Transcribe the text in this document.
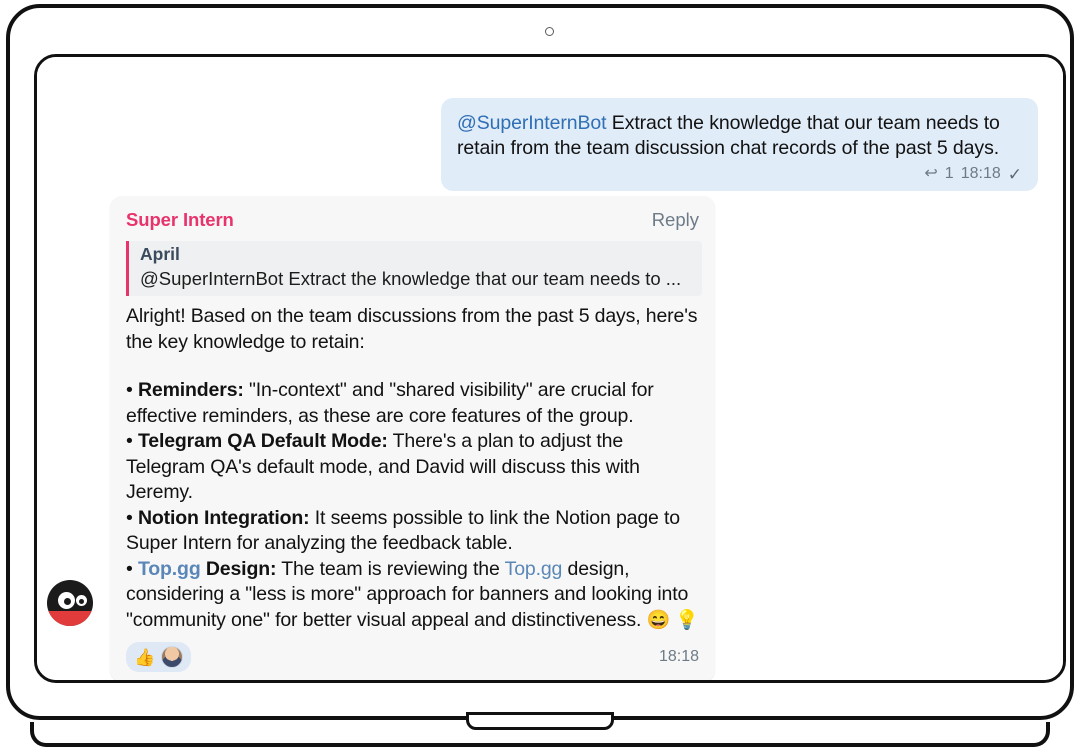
@SuperInternBot Extract the knowledge that our team needs to retain from the team discussion chat records of the past 5 days.
↩ 1 18:18 ✓
Super Intern	Reply
April
@SuperInternBot Extract the knowledge that our team needs to ...

Alright! Based on the team discussions from the past 5 days, here's

the key knowledge to retain:

• Reminders: "In-context" and "shared visibility" are crucial for effective reminders, as these are core features of the group.

• Telegram QA Default Mode: There's a plan to adjust the Telegram QA's default mode, and David will discuss this with Jeremy.

• Notion Integration: It seems possible to link the Notion page to Super Intern for analyzing the feedback table.

• Top.gg Design: The team is reviewing the Top.gg design, considering a "less is more" approach for banners and looking into "community one" for better visual appeal and distinctiveness. 😄 💡

👍	18:18
